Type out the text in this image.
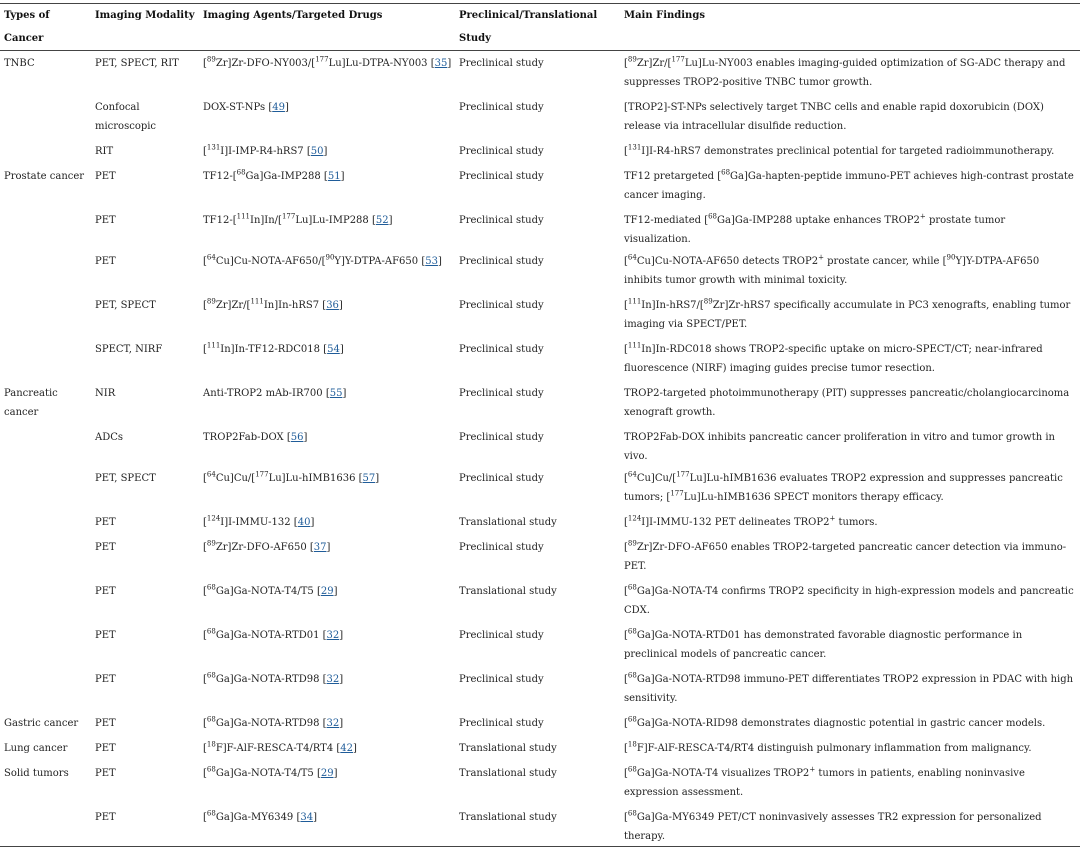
Types of Cancer	Imaging Modality	Imaging Agents/Targeted Drugs	Preclinical/Translational Study	Main Findings
TNBC	PET, SPECT, RIT	[$^{89}$Zr]Zr-DFO-NY003/[$^{177}$Lu]Lu-DTPA-NY003 [35]	Preclinical study	[$^{89}$Zr]Zr/[$^{177}$Lu]Lu-NY003 enables imaging-guided optimization of SG-ADC therapy and suppresses TROP2-positive TNBC tumor growth.
	Confocal microscopic	DOX-ST-NPs [49]	Preclinical study	[TROP2]-ST-NPs selectively target TNBC cells and enable rapid doxorubicin (DOX) release via intracellular disulfide reduction.
	RIT	[$^{131}$I]I-IMP-R4-hRS7 [50]	Preclinical study	[$^{131}$I]I-R4-hRS7 demonstrates preclinical potential for targeted radioimmunotherapy.
Prostate cancer	PET	TF12-[$^{68}$Ga]Ga-IMP288 [51]	Preclinical study	TF12 pretargeted [$^{68}$Ga]Ga-hapten-peptide immuno-PET achieves high-contrast prostate cancer imaging.
	PET	TF12-[$^{111}$In]In/[$^{177}$Lu]Lu-IMP288 [52]	Preclinical study	TF12-mediated [$^{68}$Ga]Ga-IMP288 uptake enhances TROP2+ prostate tumor visualization.
	PET	[$^{64}$Cu]Cu-NOTA-AF650/[$^{90}$Y]Y-DTPA-AF650 [53]	Preclinical study	[$^{64}$Cu]Cu-NOTA-AF650 detects TROP2+ prostate cancer, while [$^{90}$Y]Y-DTPA-AF650 inhibits tumor growth with minimal toxicity.
	PET, SPECT	[$^{89}$Zr]Zr/[$^{111}$In]In-hRS7 [36]	Preclinical study	[$^{111}$In]In-hRS7/[$^{89}$Zr]Zr-hRS7 specifically accumulate in PC3 xenografts, enabling tumor imaging via SPECT/PET.
	SPECT, NIRF	[$^{111}$In]In-TF12-RDC018 [54]	Preclinical study	[$^{111}$In]In-RDC018 shows TROP2-specific uptake on micro-SPECT/CT; near-infrared fluorescence (NIRF) imaging guides precise tumor resection.
Pancreatic cancer	NIR	Anti-TROP2 mAb-IR700 [55]	Preclinical study	TROP2-targeted photoimmunotherapy (PIT) suppresses pancreatic/cholangiocarcinoma xenograft growth.
	ADCs	TROP2Fab-DOX [56]	Preclinical study	TROP2Fab-DOX inhibits pancreatic cancer proliferation in vitro and tumor growth in vivo.
	PET, SPECT	[$^{64}$Cu]Cu/[$^{177}$Lu]Lu-hIMB1636 [57]	Preclinical study	[$^{64}$Cu]Cu/[$^{177}$Lu]Lu-hIMB1636 evaluates TROP2 expression and suppresses pancreatic tumors; [$^{177}$Lu]Lu-hIMB1636 SPECT monitors therapy efficacy.
	PET	[$^{124}$I]I-IMMU-132 [40]	Translational study	[$^{124}$I]I-IMMU-132 PET delineates TROP2+ tumors.
	PET	[$^{89}$Zr]Zr-DFO-AF650 [37]	Preclinical study	[$^{89}$Zr]Zr-DFO-AF650 enables TROP2-targeted pancreatic cancer detection via immuno-PET.
	PET	[$^{68}$Ga]Ga-NOTA-T4/T5 [29]	Translational study	[$^{68}$Ga]Ga-NOTA-T4 confirms TROP2 specificity in high-expression models and pancreatic CDX.
	PET	[$^{68}$Ga]Ga-NOTA-RTD01 [32]	Preclinical study	[$^{68}$Ga]Ga-NOTA-RTD01 has demonstrated favorable diagnostic performance in preclinical models of pancreatic cancer.
	PET	[$^{68}$Ga]Ga-NOTA-RTD98 [32]	Preclinical study	[$^{68}$Ga]Ga-NOTA-RTD98 immuno-PET differentiates TROP2 expression in PDAC with high sensitivity.
Gastric cancer	PET	[$^{68}$Ga]Ga-NOTA-RTD98 [32]	Preclinical study	[$^{68}$Ga]Ga-NOTA-RID98 demonstrates diagnostic potential in gastric cancer models.
Lung cancer	PET	[$^{18}$F]F-AlF-RESCA-T4/RT4 [42]	Translational study	[$^{18}$F]F-AlF-RESCA-T4/RT4 distinguish pulmonary inflammation from malignancy.
Solid tumors	PET	[$^{68}$Ga]Ga-NOTA-T4/T5 [29]	Translational study	[$^{68}$Ga]Ga-NOTA-T4 visualizes TROP2+ tumors in patients, enabling noninvasive expression assessment.
	PET	[$^{68}$Ga]Ga-MY6349 [34]	Translational study	[$^{68}$Ga]Ga-MY6349 PET/CT noninvasively assesses TR2 expression for personalized therapy.
